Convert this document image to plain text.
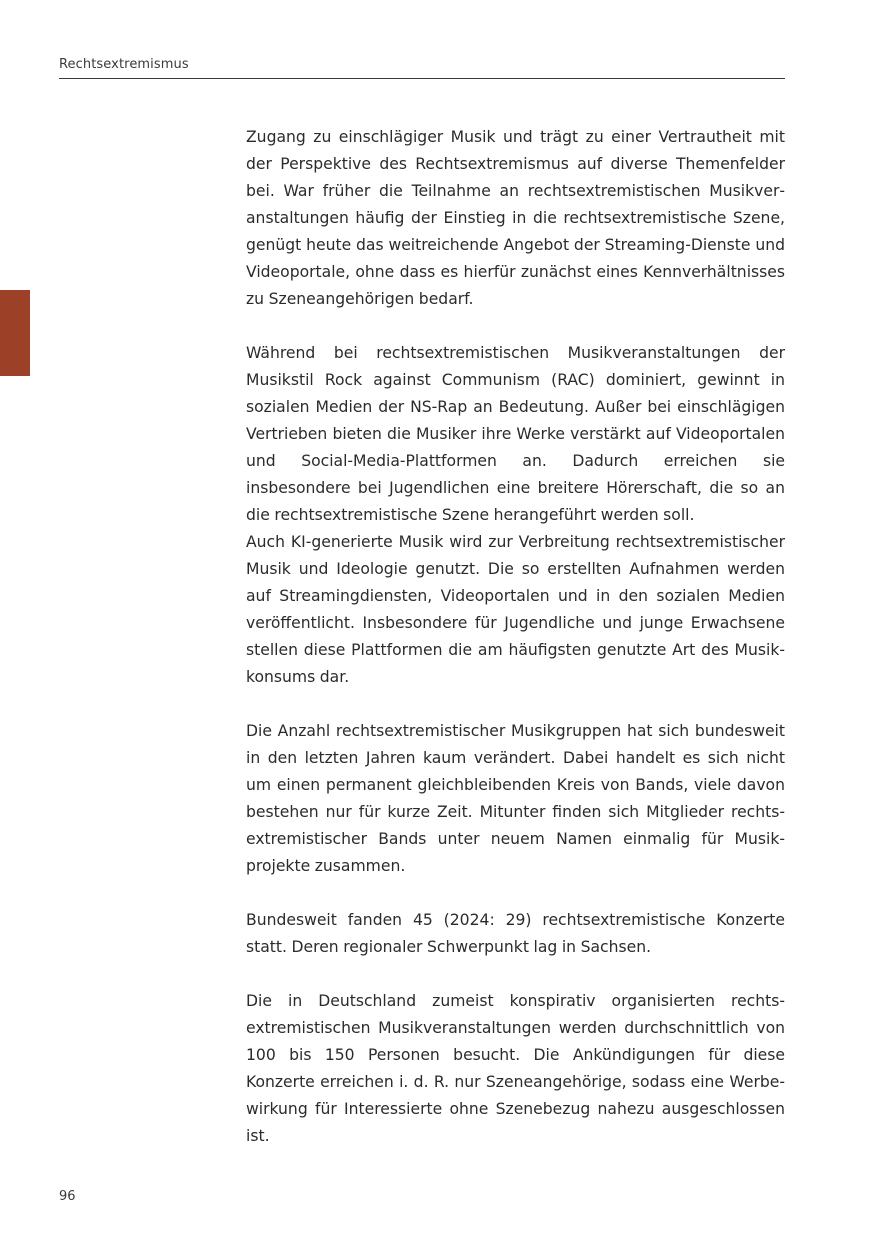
Rechtsextremismus

Zugang zu einschlägiger Musik und trägt zu einer Vertrautheit mit der Perspektive des Rechtsextremismus auf diverse Themenfelder bei. War früher die Teilnahme an rechtsextremistischen Musikveranstaltungen häufig der Einstieg in die rechtsextremistische Szene, genügt heute das weitreichende Angebot der Streaming-Dienste und Videoportale, ohne dass es hierfür zunächst eines Kennverhältnisses zu Szeneangehörigen bedarf.

Während bei rechtsextremistischen Musikveranstaltungen der Musikstil Rock against Communism (RAC) dominiert, gewinnt in sozialen Medien der NS-Rap an Bedeutung. Außer bei einschlägigen Vertrieben bieten die Musiker ihre Werke verstärkt auf Videoportalen und Social-Media-Plattformen an. Dadurch erreichen sie insbesondere bei Jugendlichen eine breitere Hörerschaft, die so an die rechtsextremistische Szene herangeführt werden soll.

Auch KI-generierte Musik wird zur Verbreitung rechtsextremistischer Musik und Ideologie genutzt. Die so erstellten Aufnahmen werden auf Streamingdiensten, Videoportalen und in den sozialen Medien veröffentlicht. Insbesondere für Jugendliche und junge Erwachsene stellen diese Plattformen die am häufigsten genutzte Art des Musikkonsums dar.

Die Anzahl rechtsextremistischer Musikgruppen hat sich bundesweit in den letzten Jahren kaum verändert. Dabei handelt es sich nicht um einen permanent gleichbleibenden Kreis von Bands, viele davon bestehen nur für kurze Zeit. Mitunter finden sich Mitglieder rechtsextremistischer Bands unter neuem Namen einmalig für Musikprojekte zusammen.

Bundesweit fanden 45 (2024: 29) rechtsextremistische Konzerte statt. Deren regionaler Schwerpunkt lag in Sachsen.

Die in Deutschland zumeist konspirativ organisierten rechtsextremistischen Musikveranstaltungen werden durchschnittlich von 100 bis 150 Personen besucht. Die Ankündigungen für diese Konzerte erreichen i. d. R. nur Szeneangehörige, sodass eine Werbewirkung für Interessierte ohne Szenebezug nahezu ausgeschlossen ist.

96
